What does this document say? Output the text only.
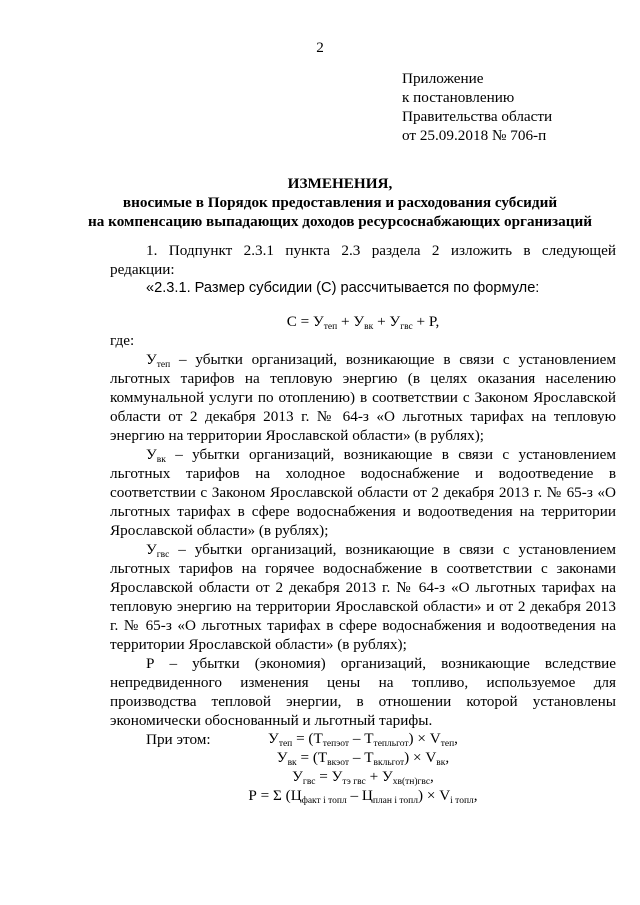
2
Приложение
к постановлению
Правительства области
от 25.09.2018 № 706-п
ИЗМЕНЕНИЯ,
вносимые в Порядок предоставления и расходования субсидий
на компенсацию выпадающих доходов ресурсоснабжающих организаций

1. Подпункт 2.3.1 пункта 2.3 раздела 2 изложить в следующей редакции:

«2.3.1. Размер субсидии (С) рассчитывается по формуле:

$С = У_{теп} + У_{вк} + У_{гвс} + Р$,

где:

$У_{теп}$ – убытки организаций, возникающие в связи с установлением льготных тарифов на тепловую энергию (в целях оказания населению коммунальной услуги по отоплению) в соответствии с Законом Ярославской области от 2 декабря 2013 г. № 64-з «О льготных тарифах на тепловую энергию на территории Ярославской области» (в рублях);

$У_{вк}$ – убытки организаций, возникающие в связи с установлением льготных тарифов на холодное водоснабжение и водоотведение в соответствии с Законом Ярославской области от 2 декабря 2013 г. № 65-з «О льготных тарифах в сфере водоснабжения и водоотведения на территории Ярославской области» (в рублях);

$У_{гвс}$ – убытки организаций, возникающие в связи с установлением льготных тарифов на горячее водоснабжение в соответствии с законами Ярославской области от 2 декабря 2013 г. № 64-з «О льготных тарифах на тепловую энергию на территории Ярославской области» и от 2 декабря 2013 г. № 65-з «О льготных тарифах в сфере водоснабжения и водоотведения на территории Ярославской области» (в рублях);

Р – убытки (экономия) организаций, возникающие вследствие непредвиденного изменения цены на топливо, используемое для производства тепловой энергии, в отношении которой установлены экономически обоснованный и льготный тарифы.

При этом:	$У_{теп} = (Т_{тепэот} - Т_{тепльгот}) \times V_{теп}$,
$У_{вк} = (Т_{вкэот} - Т_{вкльгот}) \times V_{вк}$,
$У_{гвс} = У_{тэ гвс} + У_{хв(тн)гвс}$,
Р = Σ $(Ц_{факт i топл} - Ц_{план i топл}) \times V_{i топл}$,
